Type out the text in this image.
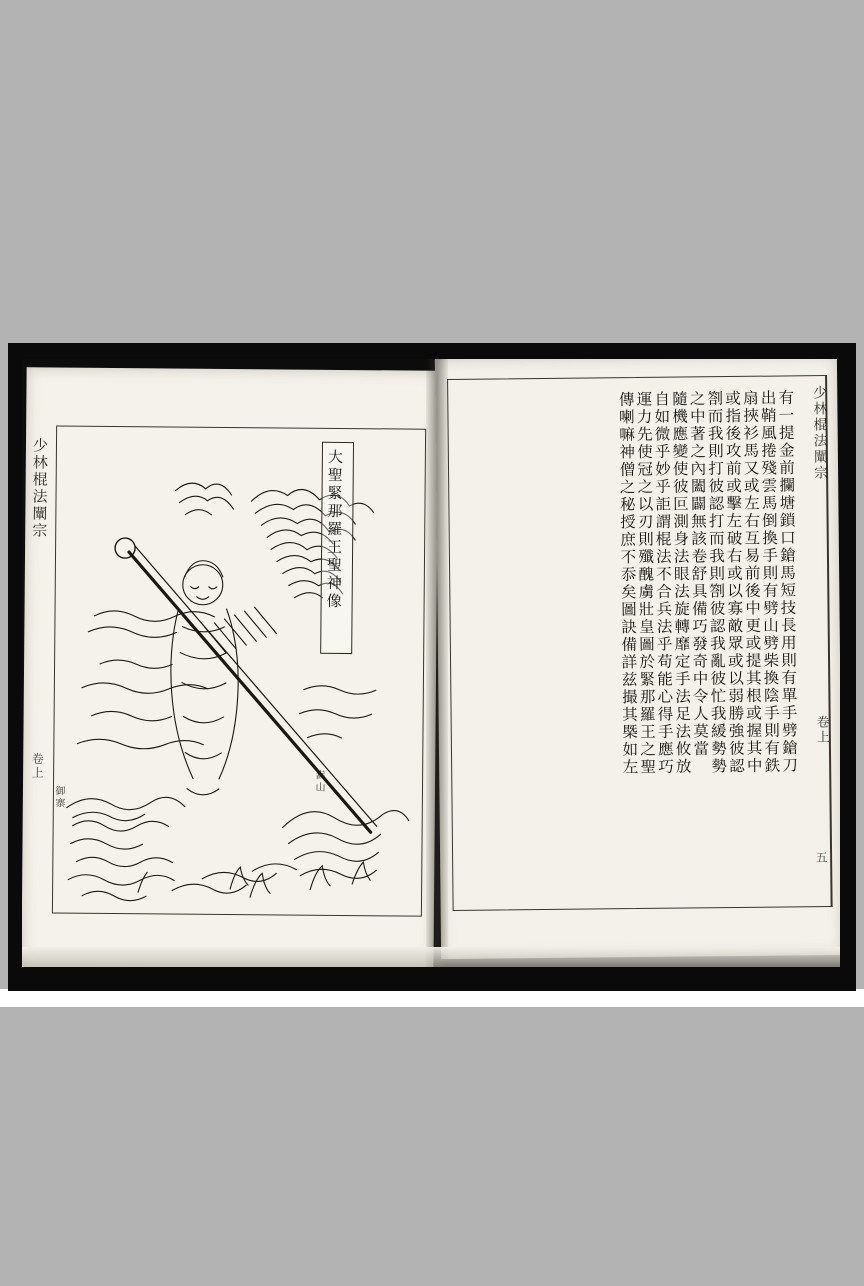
少林棍法闡宗
卷上
大聖緊那羅王聖神像
嵩山
御寨
少林棍法闡宗
卷上
五
有一提金前攔塘鎖口鎗馬短技長用則有單手劈鎗刀
出鞘風捲殘雲馬倒換手則有劈山劈柴換陰手則有鉄
扇挾衫馬又或左右互易前後中更或提其根或握其中
或指後攻前或擊左破右或以寡敵眾或以弱勝強彼認
劄而我則打彼認打而我則劄彼認我亂彼忙我緩勢勢
之中著之內闔闢無該卷舒具備巧發奇中令人莫當
隨機應變使彼叵測身法眼法旋轉靡定手法足法攸放
自如微乎妙乎詎謂棍法不合兵法乎苟能心得手應巧
運力先使冠之以刃則殲醜虜壯皇圖於緊那羅王之聖
傳喇嘛神僧之秘授庶不忝矣圖訣備詳兹撮其槩如左
